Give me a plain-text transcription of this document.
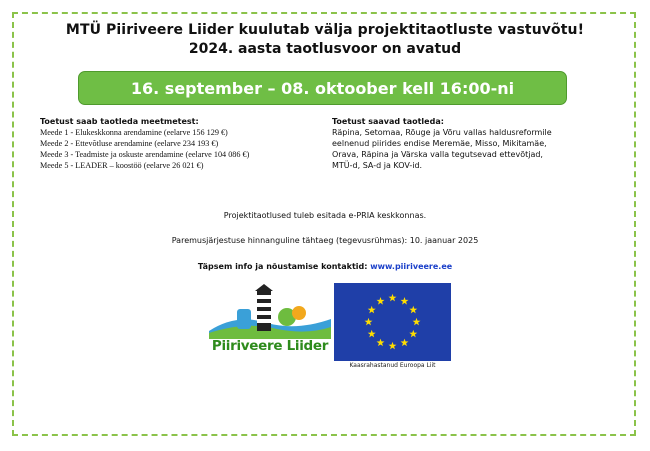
MTÜ Piiriveere Liider kuulutab välja projektitaotluste vastuvõtu!
2024. aasta taotlusvoor on avatud
16. september – 08. oktoober kell 16:00-ni
Toetust saab taotleda meetmetest:
Meede 1 - Elukeskkonna arendamine (eelarve 156 129 €)
Meede 2 - Ettevõtluse arendamine (eelarve 234 193 €)
Meede 3 - Teadmiste ja oskuste arendamine (eelarve 104 086 €)
Meede 5 - LEADER – koostöö (eelarve 26 021 €)
Toetust saavad taotleda:
Räpina, Setomaa, Rõuge ja Võru vallas haldusreformile
eelnenud piirides endise Meremäe, Misso, Mikitamäe,
Orava, Räpina ja Värska valla tegutsevad ettevõtjad,
MTÜ-d, SA-d ja KOV-id.
Projektitaotlused tuleb esitada e-PRIA keskkonnas.
Paremusjärjestuse hinnanguline tähtaeg (tegevusrühmas): 10. jaanuar 2025
Täpsem info ja nõustamise kontaktid: www.piiriveere.ee
Piiriveere Liider
Kaasrahastanud Euroopa Liit
